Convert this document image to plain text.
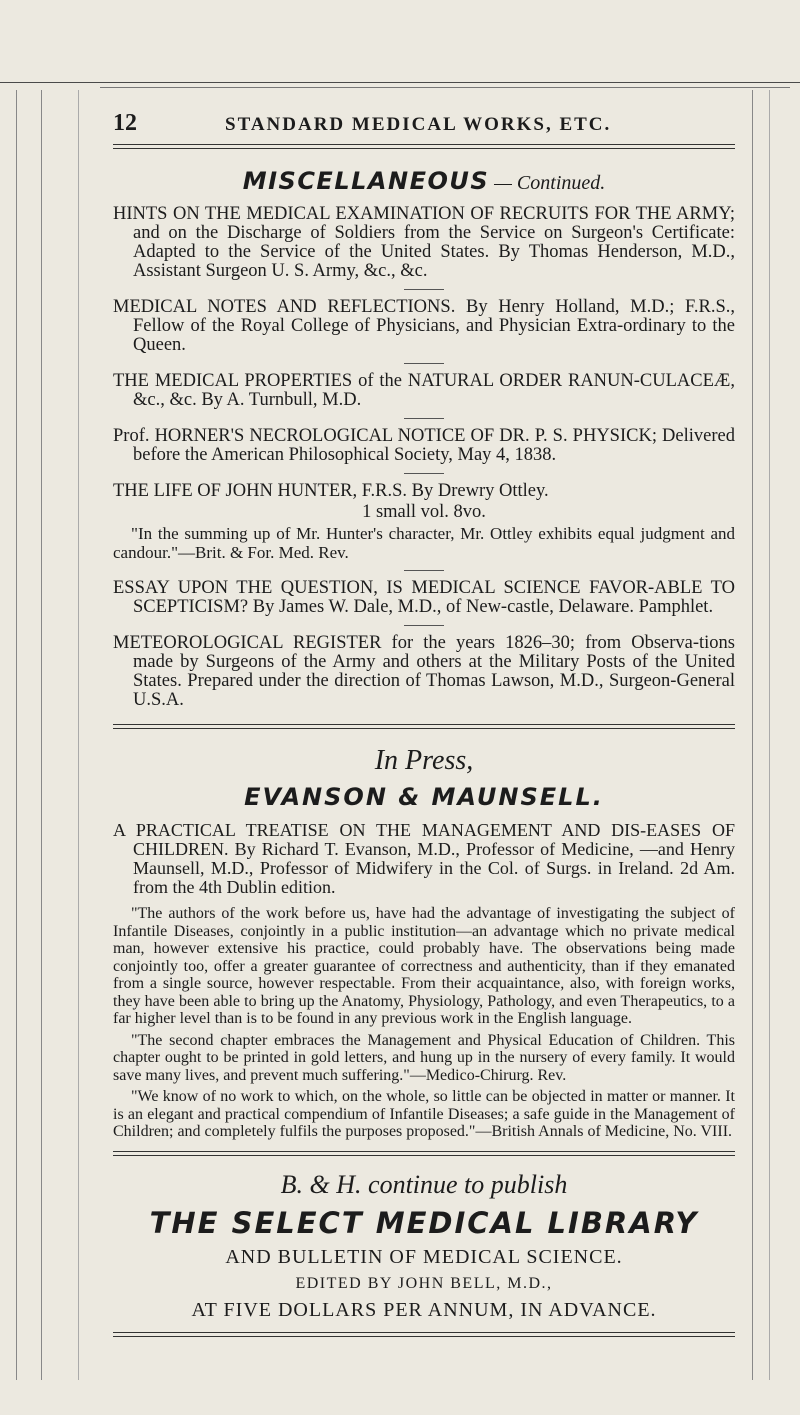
12	STANDARD MEDICAL WORKS, ETC.
MISCELLANEOUS — Continued.

HINTS ON THE MEDICAL EXAMINATION OF RECRUITS FOR THE ARMY; and on the Discharge of Soldiers from the Service on Surgeon's Certificate: Adapted to the Service of the United States. By Thomas Henderson, M.D., Assistant Surgeon U. S. Army, &c., &c.

MEDICAL NOTES AND REFLECTIONS. By Henry Holland, M.D.; F.R.S., Fellow of the Royal College of Physicians, and Physician Extra-ordinary to the Queen.

THE MEDICAL PROPERTIES of the NATURAL ORDER RANUN-CULACEÆ, &c., &c. By A. Turnbull, M.D.

Prof. HORNER'S NECROLOGICAL NOTICE OF DR. P. S. PHYSICK; Delivered before the American Philosophical Society, May 4, 1838.

THE LIFE OF JOHN HUNTER, F.R.S. By Drewry Ottley.

1 small vol. 8vo.

"In the summing up of Mr. Hunter's character, Mr. Ottley exhibits equal judgment and candour."—Brit. & For. Med. Rev.

ESSAY UPON THE QUESTION, IS MEDICAL SCIENCE FAVOR-ABLE TO SCEPTICISM? By James W. Dale, M.D., of New-castle, Delaware. Pamphlet.

METEOROLOGICAL REGISTER for the years 1826–30; from Observa-tions made by Surgeons of the Army and others at the Military Posts of the United States. Prepared under the direction of Thomas Lawson, M.D., Surgeon-General U.S.A.

In Press,
EVANSON & MAUNSELL.

A PRACTICAL TREATISE ON THE MANAGEMENT AND DIS-EASES OF CHILDREN. By Richard T. Evanson, M.D., Professor of Medicine, —and Henry Maunsell, M.D., Professor of Midwifery in the Col. of Surgs. in Ireland. 2d Am. from the 4th Dublin edition.

"The authors of the work before us, have had the advantage of investigating the subject of Infantile Diseases, conjointly in a public institution—an advantage which no private medical man, however extensive his practice, could probably have. The observations being made conjointly too, offer a greater guarantee of correctness and authenticity, than if they emanated from a single source, however respectable. From their acquaintance, also, with foreign works, they have been able to bring up the Anatomy, Physiology, Pathology, and even Therapeutics, to a far higher level than is to be found in any previous work in the English language.

"The second chapter embraces the Management and Physical Education of Children. This chapter ought to be printed in gold letters, and hung up in the nursery of every family. It would save many lives, and prevent much suffering."—Medico-Chirurg. Rev.

"We know of no work to which, on the whole, so little can be objected in matter or manner. It is an elegant and practical compendium of Infantile Diseases; a safe guide in the Management of Children; and completely fulfils the purposes proposed."—British Annals of Medicine, No. VIII.

B. & H. continue to publish
THE SELECT MEDICAL LIBRARY
AND BULLETIN OF MEDICAL SCIENCE.
EDITED BY JOHN BELL, M.D.,
AT FIVE DOLLARS PER ANNUM, IN ADVANCE.
